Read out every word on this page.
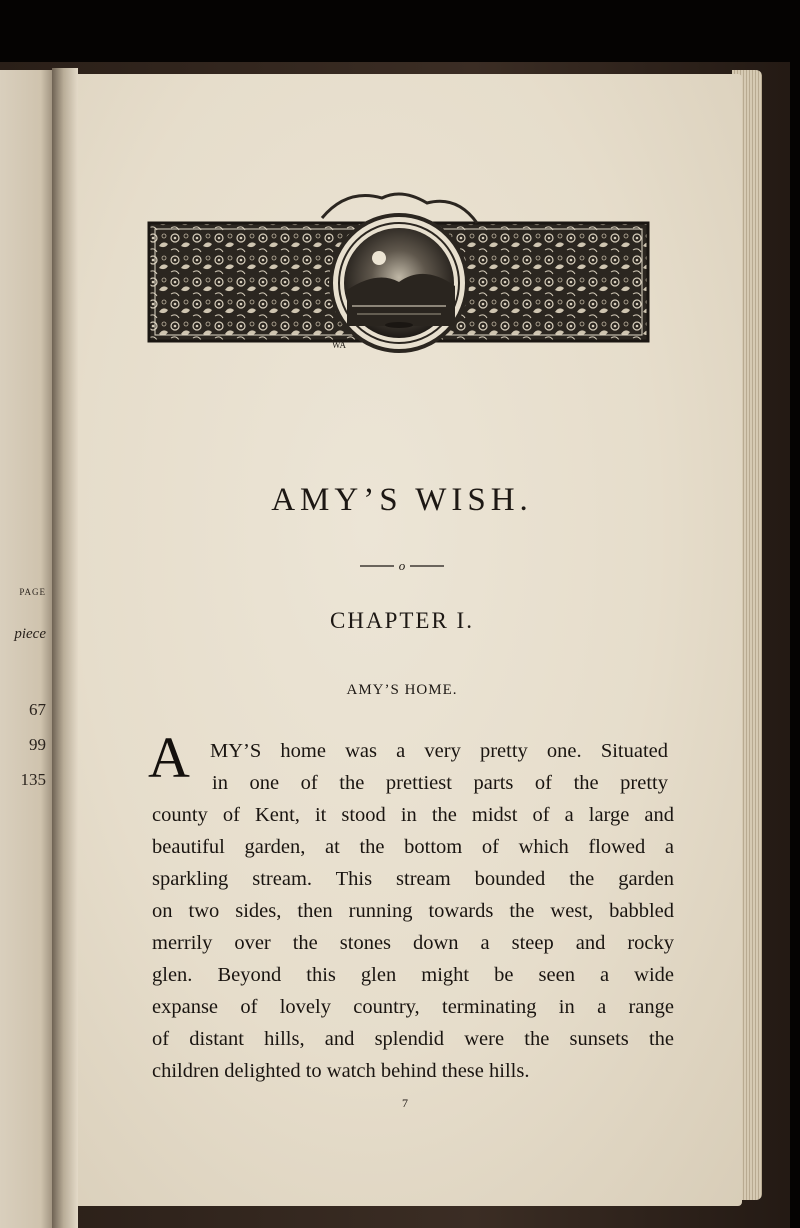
PAGE
piece
67
99
135
WA
AMY’S WISH.
o
CHAPTER I.
AMY’S HOME.
A MY’S home was a very pretty one. Situated
in one of the prettiest parts of the pretty
county of Kent, it stood in the midst of a large and
beautiful garden, at the bottom of which flowed a
sparkling stream. This stream bounded the garden
on two sides, then running towards the west, babbled
merrily over the stones down a steep and rocky
glen. Beyond this glen might be seen a wide
expanse of lovely country, terminating in a range
of distant hills, and splendid were the sunsets the
children delighted to watch behind these hills.
7
